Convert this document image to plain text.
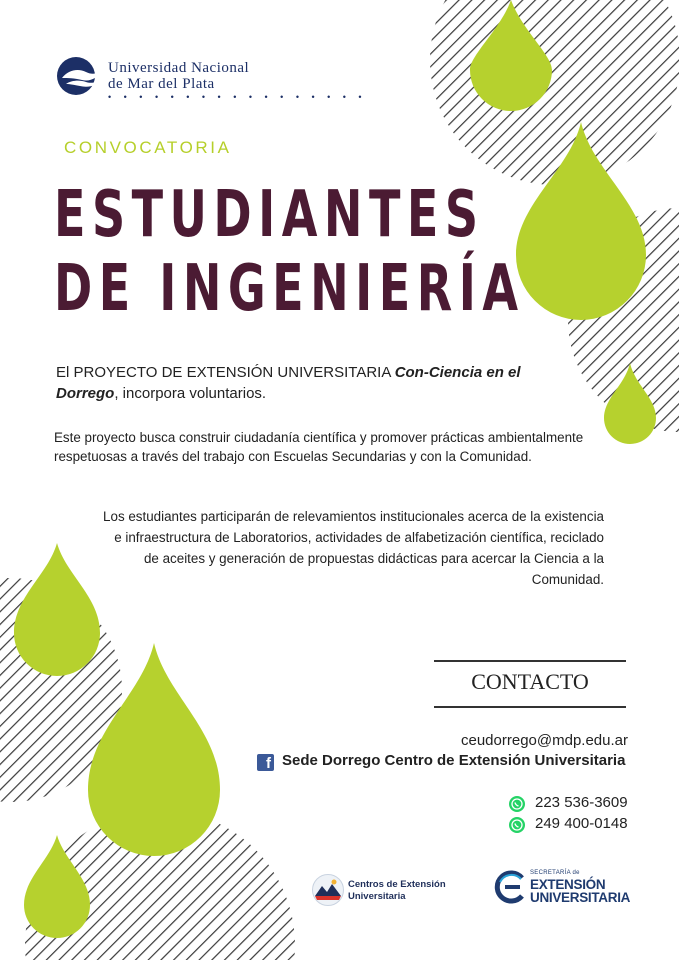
Universidad Nacional
de Mar del Plata
• • • • • • • • • • • • • • • • •
CONVOCATORIA
ESTUDIANTES
DE INGENIERÍA
El PROYECTO DE EXTENSIÓN UNIVERSITARIA Con-Ciencia en el Dorrego, incorpora voluntarios.
Este proyecto busca construir ciudadanía científica y promover prácticas ambientalmente respetuosas a través del trabajo con Escuelas Secundarias y con la Comunidad.
Los estudiantes participarán de relevamientos institucionales acerca de la existencia e infraestructura de Laboratorios, actividades de alfabetización científica, reciclado de aceites y generación de propuestas didácticas para acercar la Ciencia a la Comunidad.
CONTACTO
ceudorrego@mdp.edu.ar
f Sede Dorrego Centro de Extensión Universitaria
223 536-3609
249 400-0148
Centros de Extensión
Universitaria
SECRETARÍA de
EXTENSIÓN
UNIVERSITARIA
